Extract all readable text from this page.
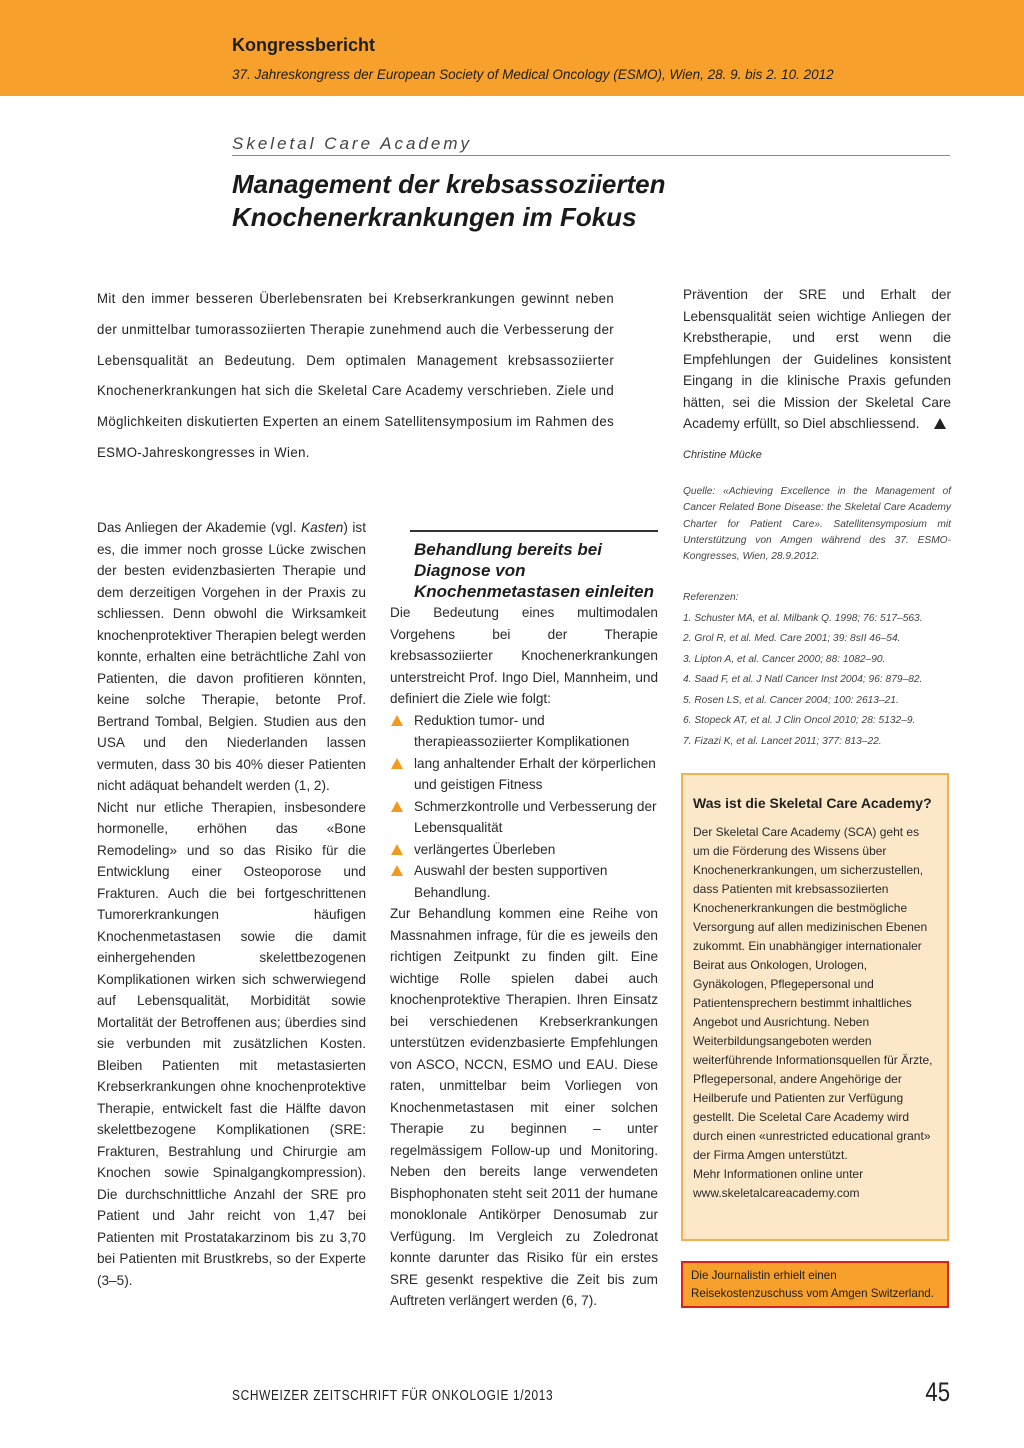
Kongressbericht
37. Jahreskongress der European Society of Medical Oncology (ESMO), Wien, 28. 9. bis 2. 10. 2012
Skeletal Care Academy
Management der krebsassoziierten
Knochenerkrankungen im Fokus
Mit den immer besseren Überlebensraten bei Krebserkrankungen gewinnt neben der unmittelbar tumorassoziierten Therapie zunehmend auch die Verbesserung der Lebensqualität an Bedeutung. Dem optimalen Management krebsassoziierter Knochenerkrankungen hat sich die Skeletal Care Academy verschrieben. Ziele und Möglichkeiten diskutierten Experten an einem Satellitensymposium im Rahmen des ESMO-Jahreskongresses in Wien.

Das Anliegen der Akademie (vgl. Kasten) ist es, die immer noch grosse Lücke zwischen der besten evidenzbasierten Therapie und dem derzeitigen Vorgehen in der Praxis zu schliessen. Denn obwohl die Wirksamkeit knochenprotektiver Therapien belegt werden konnte, erhalten eine beträchtliche Zahl von Patienten, die davon profitieren könnten, keine solche Therapie, betonte Prof. Bertrand Tombal, Belgien. Studien aus den USA und den Niederlanden lassen vermuten, dass 30 bis 40% dieser Patienten nicht adäquat behandelt werden (1, 2).

Nicht nur etliche Therapien, insbesondere hormonelle, erhöhen das «Bone Remodeling» und so das Risiko für die Entwicklung einer Osteoporose und Frakturen. Auch die bei fortgeschrittenen Tumorerkrankungen häufigen Knochenmetastasen sowie die damit einhergehenden skelettbezogenen Komplikationen wirken sich schwerwiegend auf Lebensqualität, Morbidität sowie Mortalität der Betroffenen aus; überdies sind sie verbunden mit zusätzlichen Kosten. Bleiben Patienten mit metastasierten Krebserkrankungen ohne knochenprotektive Therapie, entwickelt fast die Hälfte davon skelettbezogene Komplikationen (SRE: Frakturen, Bestrahlung und Chirurgie am Knochen sowie Spinalgangkompression). Die durchschnittliche Anzahl der SRE pro Patient und Jahr reicht von 1,47 bei Patienten mit Prostatakarzinom bis zu 3,70 bei Patienten mit Brustkrebs, so der Experte (3–5).

Behandlung bereits bei Diagnose von Knochenmetastasen einleiten

Die Bedeutung eines multimodalen Vorgehens bei der Therapie krebsassoziierter Knochenerkrankungen unterstreicht Prof. Ingo Diel, Mannheim, und definiert die Ziele wie folgt:

Reduktion tumor- und therapieassoziierter Komplikationen
lang anhaltender Erhalt der körperlichen und geistigen Fitness
Schmerzkontrolle und Verbesserung der Lebensqualität
verlängertes Überleben
Auswahl der besten supportiven Behandlung.

Zur Behandlung kommen eine Reihe von Massnahmen infrage, für die es jeweils den richtigen Zeitpunkt zu finden gilt. Eine wichtige Rolle spielen dabei auch knochenprotektive Therapien. Ihren Einsatz bei verschiedenen Krebserkrankungen unterstützen evidenzbasierte Empfehlungen von ASCO, NCCN, ESMO und EAU. Diese raten, unmittelbar beim Vorliegen von Knochenmetastasen mit einer solchen Therapie zu beginnen – unter regelmässigem Follow-up und Monitoring. Neben den bereits lange verwendeten Bisphophonaten steht seit 2011 der humane monoklonale Antikörper Denosumab zur Verfügung. Im Vergleich zu Zoledronat konnte darunter das Risiko für ein erstes SRE gesenkt respektive die Zeit bis zum Auftreten verlängert werden (6, 7).

Prävention der SRE und Erhalt der Lebensqualität seien wichtige Anliegen der Krebstherapie, und erst wenn die Empfehlungen der Guidelines konsistent Eingang in die klinische Praxis gefunden hätten, sei die Mission der Skeletal Care Academy erfüllt, so Diel abschliessend.

Christine Mücke
Quelle: «Achieving Excellence in the Management of Cancer Related Bone Disease: the Skeletal Care Academy Charter for Patient Care». Satellitensymposium mit Unterstützung von Amgen während des 37. ESMO-Kongresses, Wien, 28.9.2012.
Referenzen:
1. Schuster MA, et al. Milbank Q. 1998; 76: 517–563.
2. Grol R, et al. Med. Care 2001; 39: 8sII 46–54.
3. Lipton A, et al. Cancer 2000; 88: 1082–90.
4. Saad F, et al. J Natl Cancer Inst 2004; 96: 879–82.
5. Rosen LS, et al. Cancer 2004; 100: 2613–21.
6. Stopeck AT, et al. J Clin Oncol 2010; 28: 5132–9.
7. Fizazi K, et al. Lancet 2011; 377: 813–22.
Was ist die Skeletal Care Academy?
Der Skeletal Care Academy (SCA) geht es um die Förderung des Wissens über Knochenerkrankungen, um sicherzustellen, dass Patienten mit krebsassoziierten Knochenerkrankungen die bestmögliche Versorgung auf allen medizinischen Ebenen zukommt. Ein unabhängiger internationaler Beirat aus Onkologen, Urologen, Gynäkologen, Pflegepersonal und Patientensprechern bestimmt inhaltliches Angebot und Ausrichtung. Neben Weiterbildungsangeboten werden weiterführende Informationsquellen für Ärzte, Pflegepersonal, andere Angehörige der Heilberufe und Patienten zur Verfügung gestellt. Die Sceletal Care Academy wird durch einen «unrestricted educational grant» der Firma Amgen unterstützt.
Mehr Informationen online unter
www.skeletalcareacademy.com
Die Journalistin erhielt einen Reisekostenzuschuss vom Amgen Switzerland.
SCHWEIZER ZEITSCHRIFT FÜR ONKOLOGIE 1/2013	45
